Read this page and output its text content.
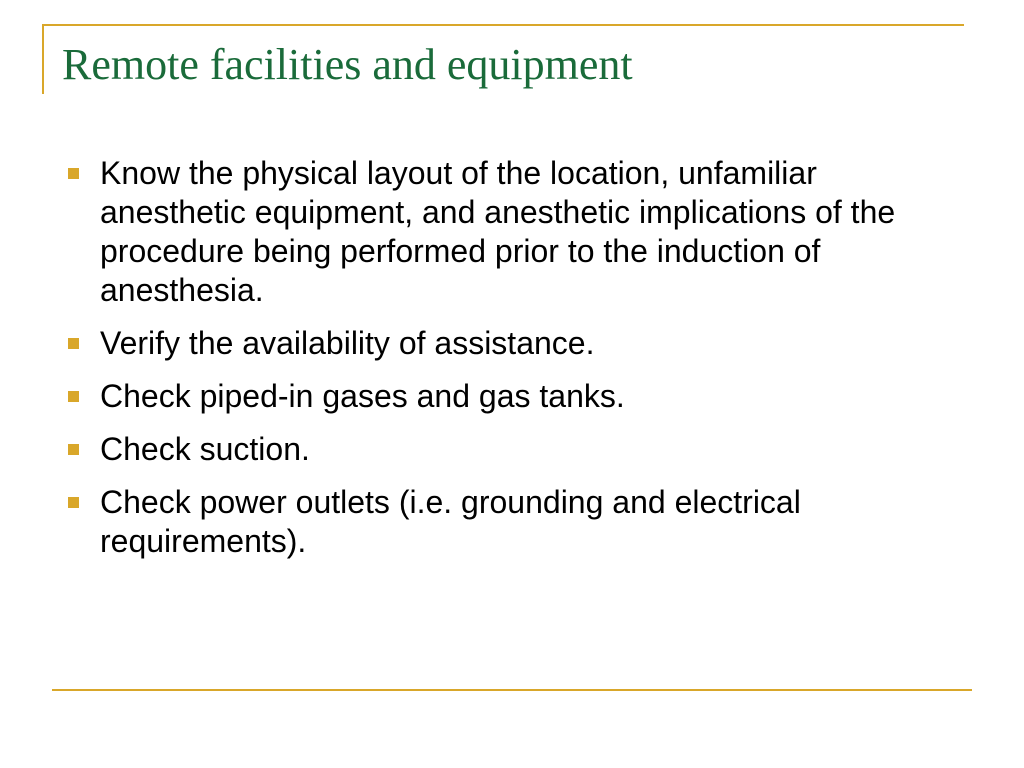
Remote facilities and equipment
Know the physical layout of the location, unfamiliar anesthetic equipment, and anesthetic implications of the procedure being performed prior to the induction of anesthesia.
Verify the availability of assistance.
Check piped-in gases and gas tanks.
Check suction.
Check power outlets (i.e. grounding and electrical requirements).
